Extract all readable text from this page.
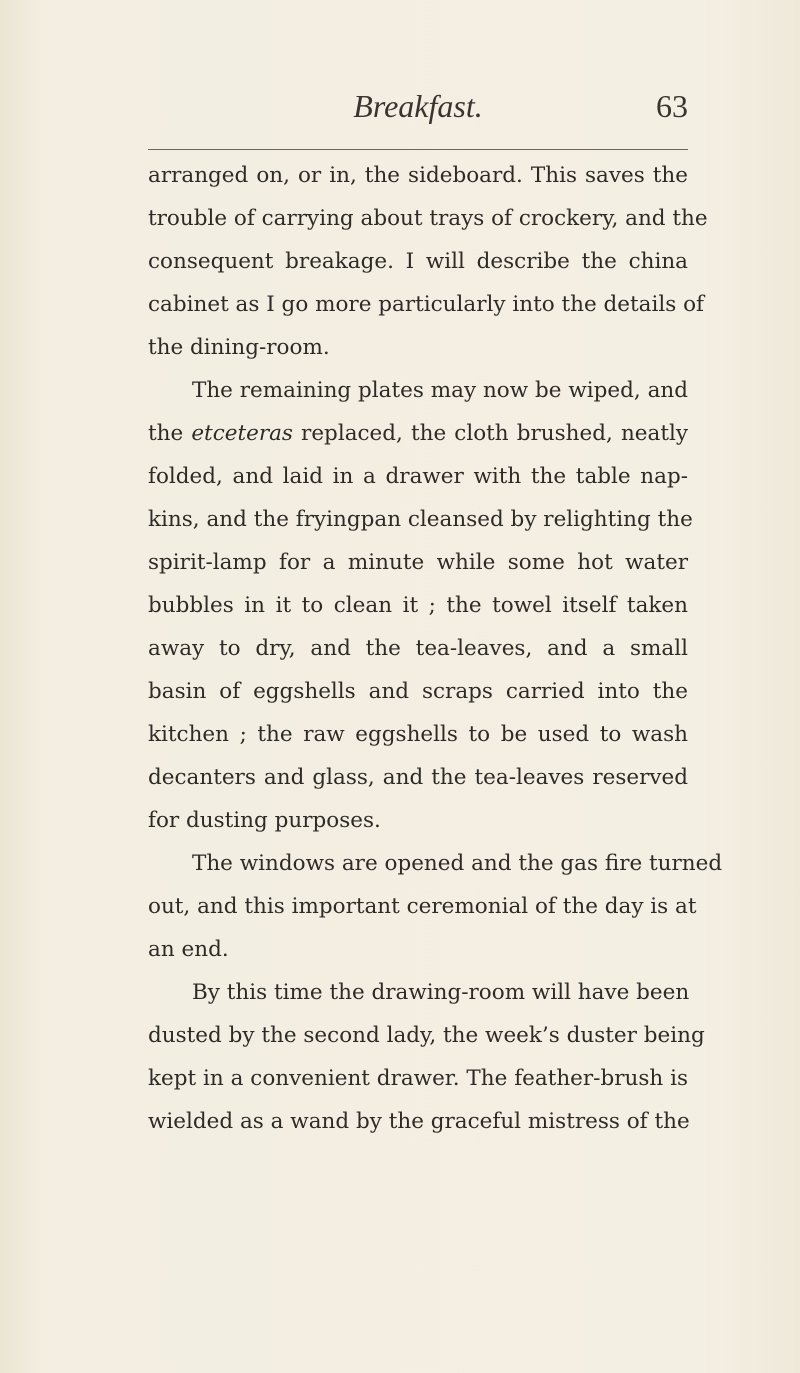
Breakfast.	63
arranged on, or in, the sideboard. This saves the
trouble of carrying about trays of crockery, and the
consequent breakage. I will describe the china
cabinet as I go more particularly into the details of
the dining-room.
The remaining plates may now be wiped, and
the etceteras replaced, the cloth brushed, neatly
folded, and laid in a drawer with the table nap-
kins, and the fryingpan cleansed by relighting the
spirit-lamp for a minute while some hot water
bubbles in it to clean it ; the towel itself taken
away to dry, and the tea-leaves, and a small
basin of eggshells and scraps carried into the
kitchen ; the raw eggshells to be used to wash
decanters and glass, and the tea-leaves reserved
for dusting purposes.
The windows are opened and the gas fire turned
out, and this important ceremonial of the day is at
an end.
By this time the drawing-room will have been
dusted by the second lady, the week’s duster being
kept in a convenient drawer. The feather-brush is
wielded as a wand by the graceful mistress of the
